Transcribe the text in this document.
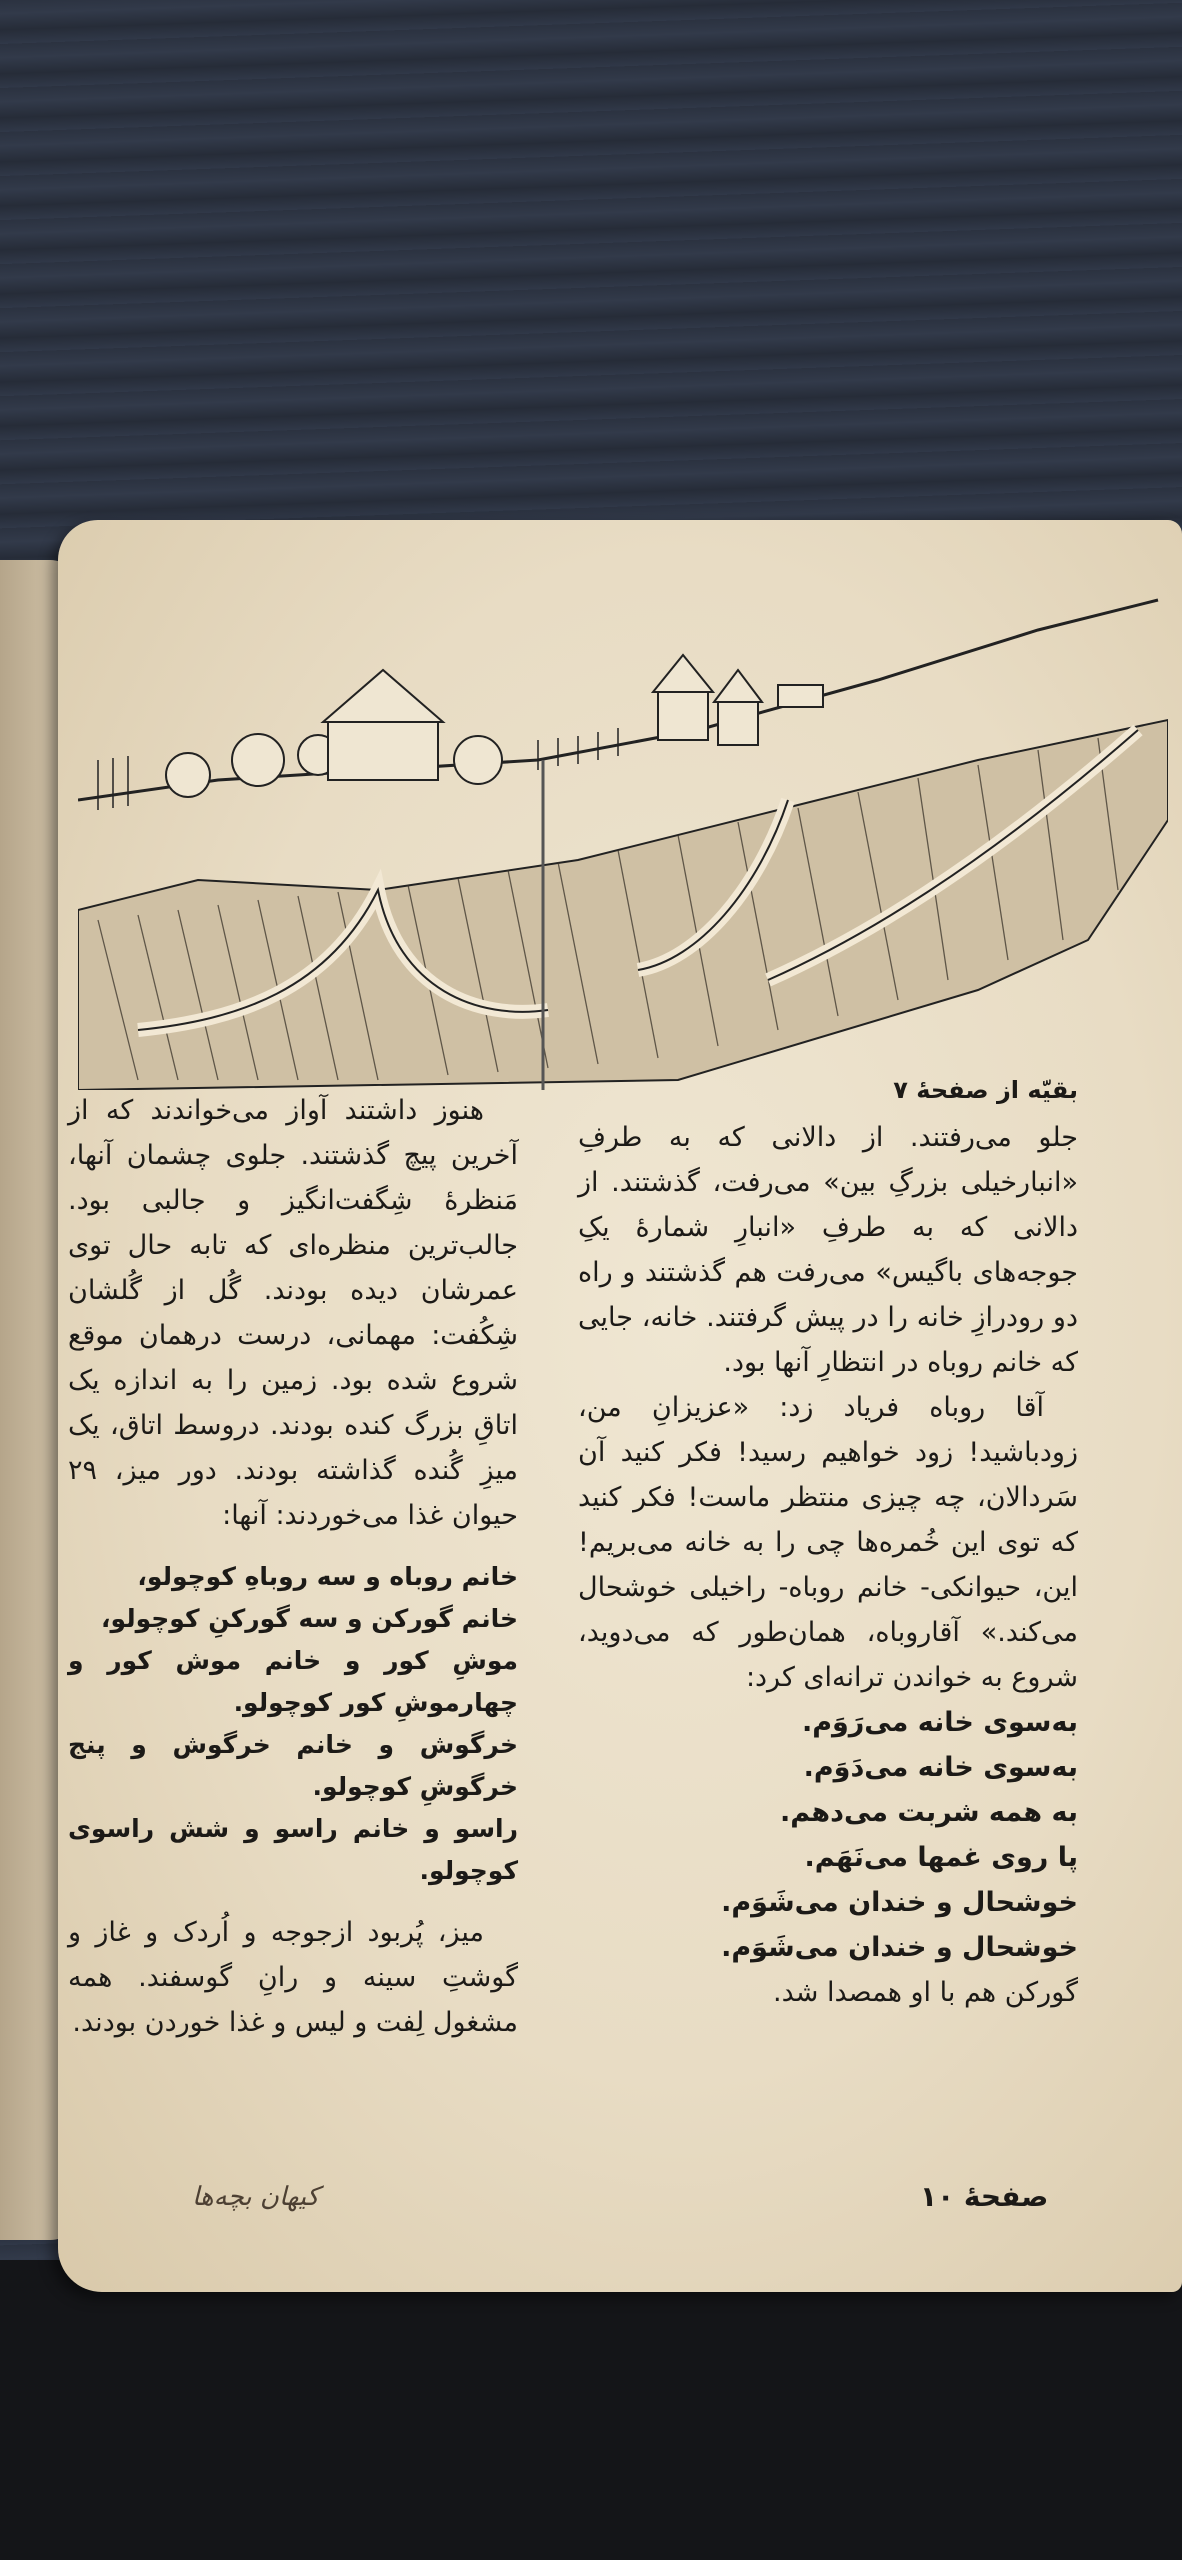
بقیّه از صفحهٔ ۷

جلو می‌رفتند. از دالانی که به طرفِ «انبارخیلی بزرگِ بین» می‌رفت، گذشتند. از دالانی که به طرفِ «انبارِ شمارهٔ یکِ جوجه‌های باگیس» می‌رفت هم گذشتند و راه دو رودرازِ خانه را در پیش گرفتند. خانه، جایی که خانم روباه در انتظارِ آنها بود.

آقا روباه فریاد زد: «عزیزانِ من، زودباشید! زود خواهیم رسید! فکر کنید آن سَردالان، چه چیزی منتظر ماست! فکر کنید که توی این خُمره‌ها چی را به خانه می‌بریم! این، حیوانکی- خانم روباه- راخیلی خوشحال می‌کند.» آقاروباه، همان‌طور که می‌دوید، شروع به خواندن ترانه‌ای کرد:

به‌سوی خانه می‌رَوَم.

به‌سوی خانه می‌دَوَم.

به همه شربت می‌دهم.

پا روی غمها می‌نَهَم.

خوشحال و خندان می‌شَوَم.

خوشحال و خندان می‌شَوَم.

گورکن هم با او همصدا شد.

هنوز داشتند آواز می‌خواندند که از آخرین پیچ گذشتند. جلوی چشمان آنها، مَنظرهٔ شِگفت‌انگیز و جالبی بود. جالب‌ترین منظره‌ای که تابه حال توی عمرشان دیده بودند. گُل از گُلشان شِکُفت: مهمانی، درست درهمان موقع شروع شده بود. زمین را به اندازه یک اتاقِ بزرگ کنده بودند. دروسط اتاق، یک میزِ گُنده گذاشته بودند. دور میز، ۲۹ حیوان غذا می‌خوردند: آنها:

خانم روباه و سه روباهِ کوچولو،

خانم گورکن و سه گورکنِ کوچولو،

موشِ کور و خانم موش کور و چهارموشِ کور کوچولو.

خرگوش و خانم خرگوش و پنج خرگوشِ کوچولو.

راسو و خانم راسو و شش راسوی کوچولو.

میز، پُربود ازجوجه و اُردک و غاز و گوشتِ سینه و رانِ گوسفند. همه مشغول لِفت و لیس و غذا خوردن بودند.

صفحهٔ ۱۰
کیهان بچه‌ها
